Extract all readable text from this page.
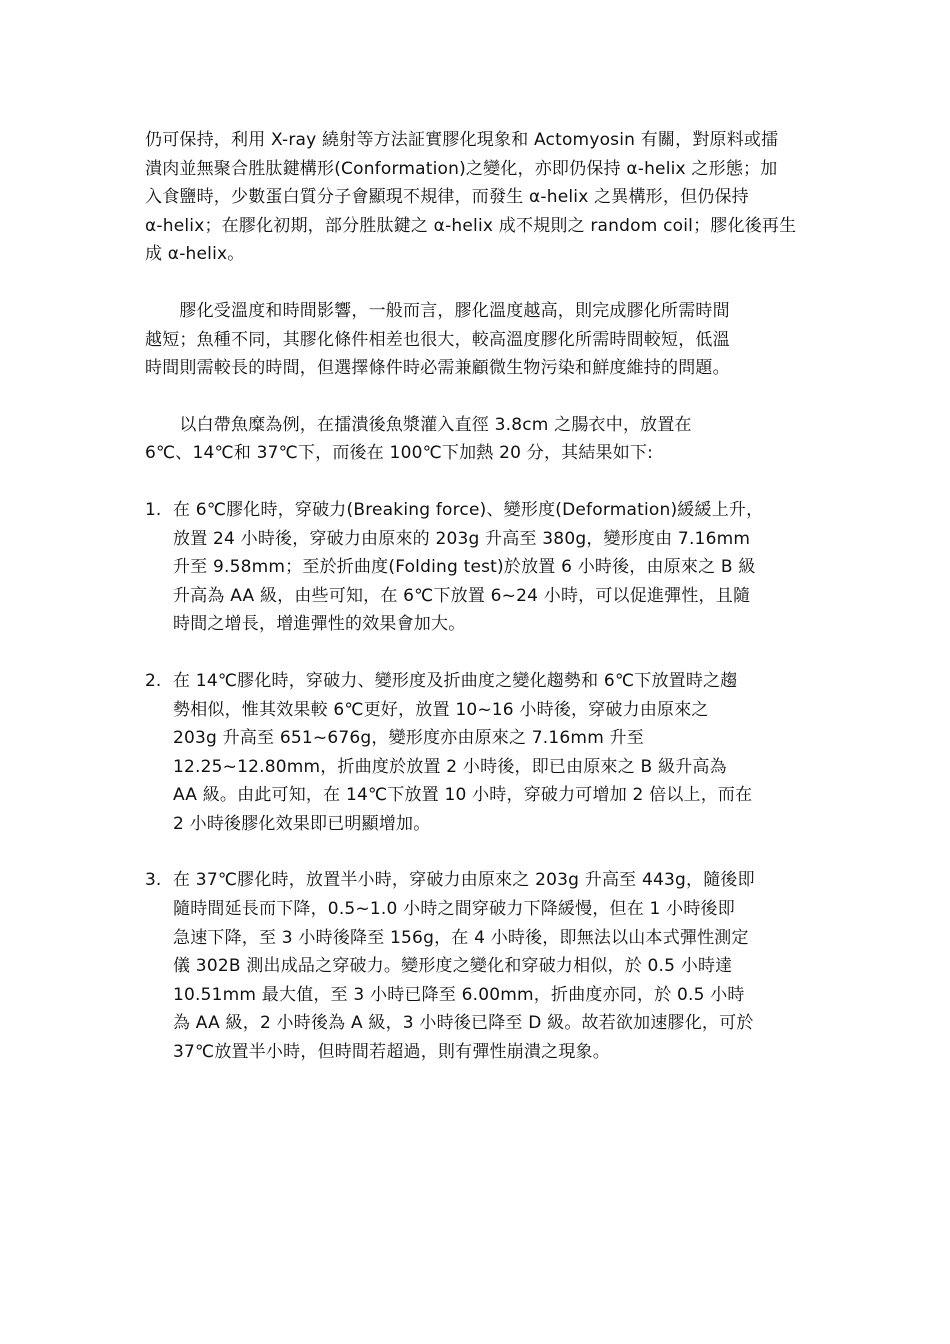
仍可保持，利用 X-ray 繞射等方法証實膠化現象和 Actomyosin 有關，對原料或擂
潰肉並無聚合胜肽鍵構形(Conformation)之變化，亦即仍保持 α-helix 之形態；加
入食鹽時，少數蛋白質分子會顯現不規律，而發生 α-helix 之異構形，但仍保持
α-helix；在膠化初期，部分胜肽鍵之 α-helix 成不規則之 random coil；膠化後再生
成 α-helix。

　　膠化受溫度和時間影響，一般而言，膠化溫度越高，則完成膠化所需時間
越短；魚種不同，其膠化條件相差也很大，較高溫度膠化所需時間較短，低溫
時間則需較長的時間，但選擇條件時必需兼顧微生物污染和鮮度維持的問題。

　　以白帶魚糜為例，在擂潰後魚漿灌入直徑 3.8cm 之腸衣中，放置在
6℃、14℃和 37℃下，而後在 100℃下加熱 20 分，其結果如下:

1. 在 6℃膠化時，穿破力(Breaking force)、變形度(Deformation)緩緩上升，
放置 24 小時後，穿破力由原來的 203g 升高至 380g，變形度由 7.16mm
升至 9.58mm；至於折曲度(Folding test)於放置 6 小時後，由原來之 B 級
升高為 AA 級，由些可知，在 6℃下放置 6~24 小時，可以促進彈性，且隨
時間之增長，增進彈性的效果會加大。

2. 在 14℃膠化時，穿破力、變形度及折曲度之變化趨勢和 6℃下放置時之趨
勢相似，惟其效果較 6℃更好，放置 10~16 小時後，穿破力由原來之
203g 升高至 651~676g，變形度亦由原來之 7.16mm 升至
12.25~12.80mm，折曲度於放置 2 小時後，即已由原來之 B 級升高為
AA 級。由此可知，在 14℃下放置 10 小時，穿破力可增加 2 倍以上，而在
2 小時後膠化效果即已明顯增加。

3. 在 37℃膠化時，放置半小時，穿破力由原來之 203g 升高至 443g，隨後即
隨時間延長而下降，0.5~1.0 小時之間穿破力下降緩慢，但在 1 小時後即
急速下降，至 3 小時後降至 156g，在 4 小時後，即無法以山本式彈性測定
儀 302B 測出成品之穿破力。變形度之變化和穿破力相似，於 0.5 小時達
10.51mm 最大值，至 3 小時已降至 6.00mm，折曲度亦同，於 0.5 小時
為 AA 級，2 小時後為 A 級，3 小時後已降至 D 級。故若欲加速膠化，可於
37℃放置半小時，但時間若超過，則有彈性崩潰之現象。
